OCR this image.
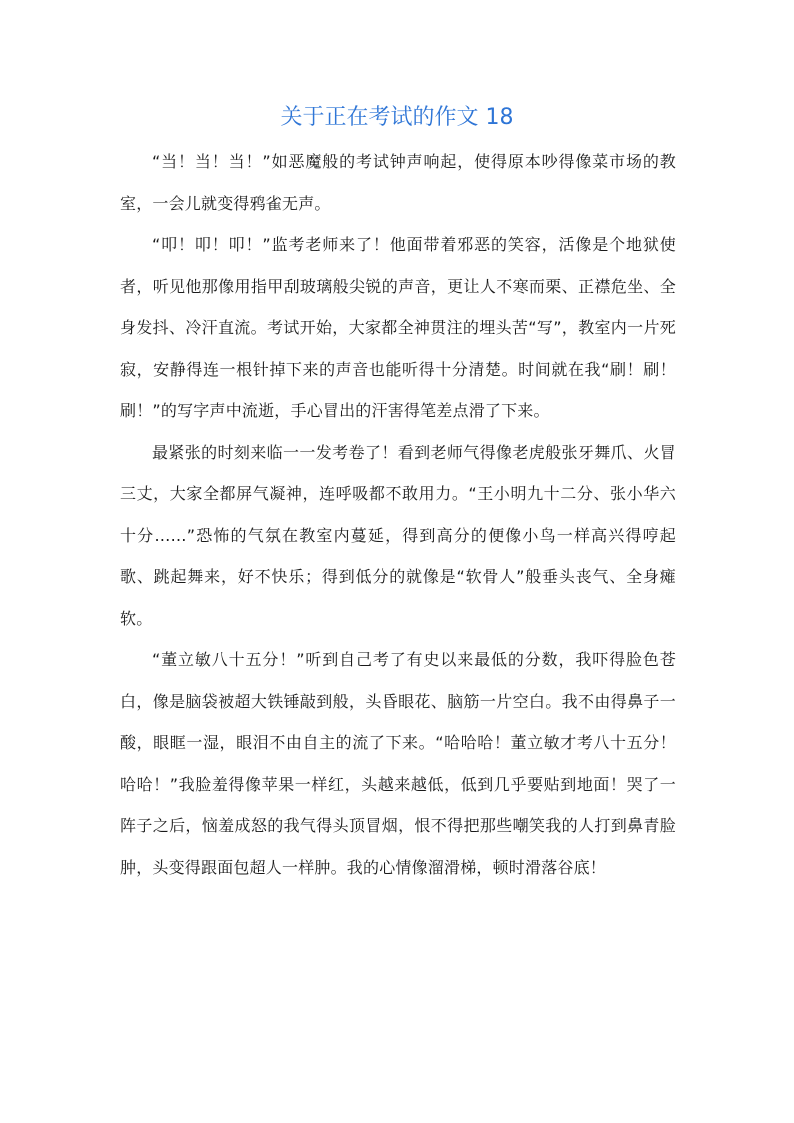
关于正在考试的作文 18

“当！当！当！”如恶魔般的考试钟声响起，使得原本吵得像菜市场的教室，一会儿就变得鸦雀无声。

“叩！叩！叩！”监考老师来了！他面带着邪恶的笑容，活像是个地狱使者，听见他那像用指甲刮玻璃般尖锐的声音，更让人不寒而栗、正襟危坐、全身发抖、冷汗直流。考试开始，大家都全神贯注的埋头苦“写”，教室内一片死寂，安静得连一根针掉下来的声音也能听得十分清楚。时间就在我“刷！刷！刷！”的写字声中流逝，手心冒出的汗害得笔差点滑了下来。

最紧张的时刻来临一一发考卷了！看到老师气得像老虎般张牙舞爪、火冒三丈，大家全都屏气凝神，连呼吸都不敢用力。“王小明九十二分、张小华六十分……”恐怖的气氛在教室内蔓延，得到高分的便像小鸟一样高兴得哼起歌、跳起舞来，好不快乐；得到低分的就像是“软骨人”般垂头丧气、全身瘫软。

“董立敏八十五分！”听到自己考了有史以来最低的分数，我吓得脸色苍白，像是脑袋被超大铁锤敲到般，头昏眼花、脑筋一片空白。我不由得鼻子一酸，眼眶一湿，眼泪不由自主的流了下来。“哈哈哈！董立敏才考八十五分！哈哈！”我脸羞得像苹果一样红，头越来越低，低到几乎要贴到地面！哭了一阵子之后，恼羞成怒的我气得头顶冒烟，恨不得把那些嘲笑我的人打到鼻青脸肿，头变得跟面包超人一样肿。我的心情像溜滑梯，顿时滑落谷底！
